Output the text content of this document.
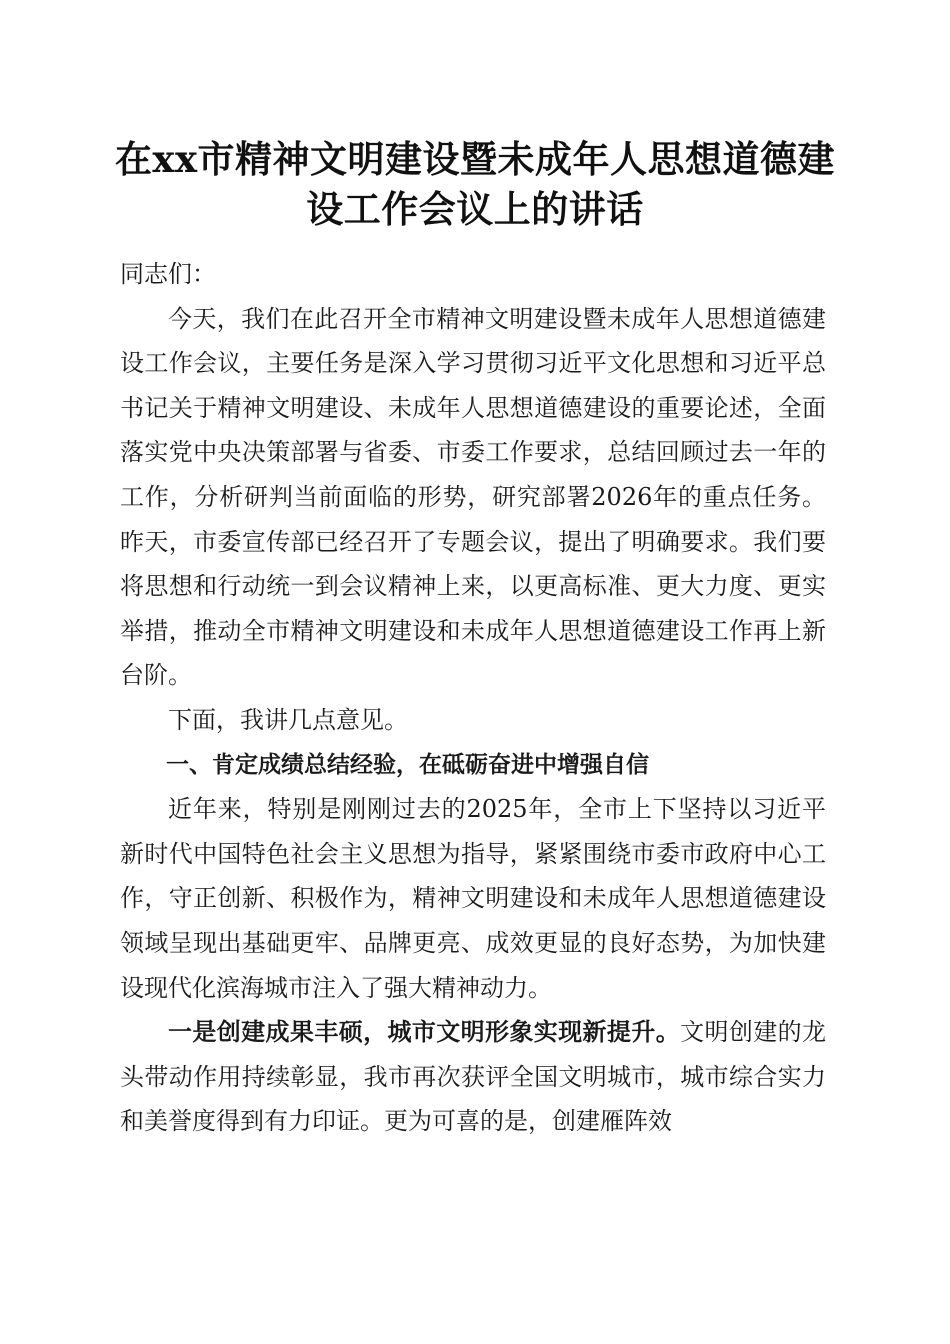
在xx市精神文明建设暨未成年人思想道德建
设工作会议上的讲话

同志们：

今天，我们在此召开全市精神文明建设暨未成年人思想道德建设工作会议，主要任务是深入学习贯彻习近平文化思想和习近平总书记关于精神文明建设、未成年人思想道德建设的重要论述，全面落实党中央决策部署与省委、市委工作要求，总结回顾过去一年的工作，分析研判当前面临的形势，研究部署2026年的重点任务。昨天，市委宣传部已经召开了专题会议，提出了明确要求。我们要将思想和行动统一到会议精神上来，以更高标准、更大力度、更实举措，推动全市精神文明建设和未成年人思想道德建设工作再上新台阶。

下面，我讲几点意见。

一、肯定成绩总结经验，在砥砺奋进中增强自信

近年来，特别是刚刚过去的2025年，全市上下坚持以习近平新时代中国特色社会主义思想为指导，紧紧围绕市委市政府中心工作，守正创新、积极作为，精神文明建设和未成年人思想道德建设领域呈现出基础更牢、品牌更亮、成效更显的良好态势，为加快建设现代化滨海城市注入了强大精神动力。

一是创建成果丰硕，城市文明形象实现新提升。文明创建的龙头带动作用持续彰显，我市再次获评全国文明城市，城市综合实力和美誉度得到有力印证。更为可喜的是，创建雁阵效
